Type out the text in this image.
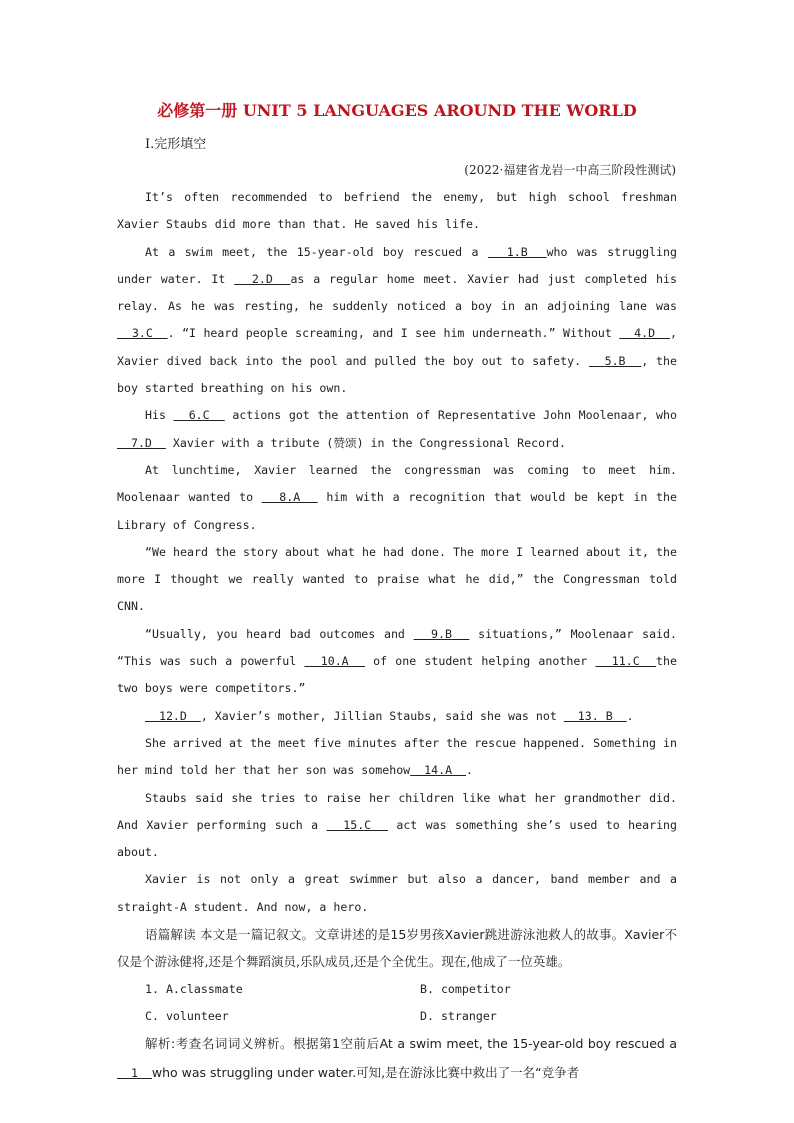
必修第一册 UNIT 5 LANGUAGES AROUND THE WORLD
Ⅰ.完形填空
(2022·福建省龙岩一中高三阶段性测试)

It’s often recommended to befriend the enemy, but high school freshman Xavier Staubs did more than that. He saved his life.

At a swim meet, the 15-year-old boy rescued a   1.B  who was struggling under water. It   2.D  as a regular home meet. Xavier had just completed his relay. As he was resting, he suddenly noticed a boy in an adjoining lane was  3.C  . “I heard people screaming, and I see him underneath.” Without   4.D  , Xavier dived back into the pool and pulled the boy out to safety.   5.B  , the boy started breathing on his own.

His   6.C   actions got the attention of Representative John Moolenaar, who   7.D   Xavier with a tribute (赞颂) in the Congressional Record.

At lunchtime, Xavier learned the congressman was coming to meet him. Moolenaar wanted to   8.A   him with a recognition that would be kept in the Library of Congress.

“We heard the story about what he had done. The more I learned about it, the more I thought we really wanted to praise what he did,” the Congressman told CNN.

“Usually, you heard bad outcomes and   9.B   situations,” Moolenaar said. “This was such a powerful   10.A   of one student helping another   11.C  the two boys were competitors.”

12.D  , Xavier’s mother, Jillian Staubs, said she was not   13. B  .

She arrived at the meet five minutes after the rescue happened. Something in her mind told her that her son was somehow  14.A  .

Staubs said she tries to raise her children like what her grandmother did. And Xavier performing such a   15.C   act was something she’s used to hearing about.

Xavier is not only a great swimmer but also a dancer, band member and a straight-A student. And now, a hero.

语篇解读 本文是一篇记叙文。文章讲述的是15岁男孩Xavier跳进游泳池救人的故事。Xavier不仅是个游泳健将,还是个舞蹈演员,乐队成员,还是个全优生。现在,他成了一位英雄。

1. A.classmate	B. competitor
C. volunteer	D. stranger

解析:考查名词词义辨析。根据第1空前后At a swim meet, the 15-year-old boy rescued a   1  who was struggling under water.可知,是在游泳比赛中救出了一名“竞争者
